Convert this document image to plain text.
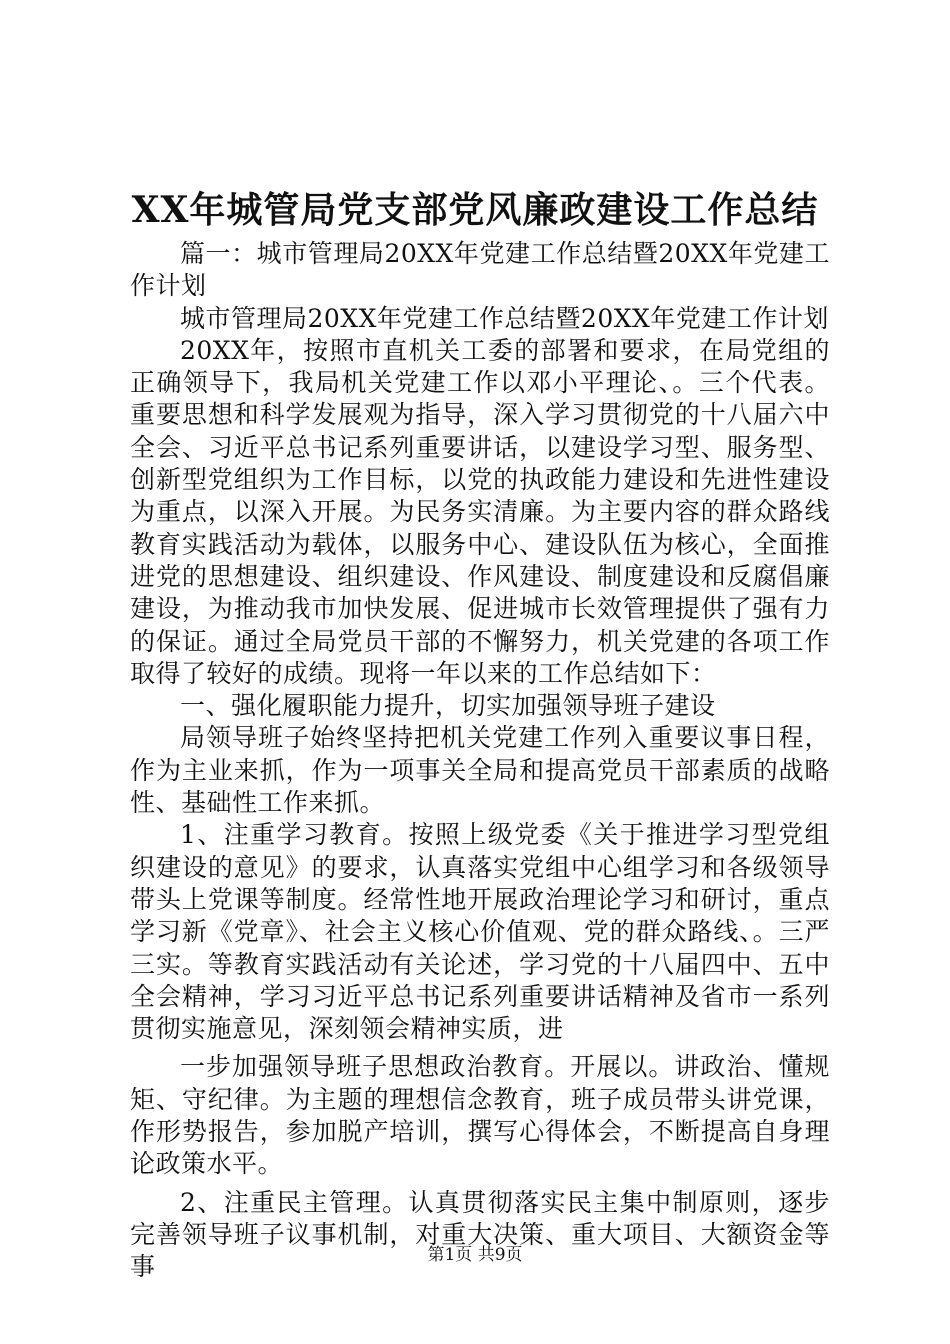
XX年城管局党支部党风廉政建设工作总结

篇一：城市管理局20XX年党建工作总结暨20XX年党建工作计划

城市管理局20XX年党建工作总结暨20XX年党建工作计划

20XX年，按照市直机关工委的部署和要求，在局党组的正确领导下，我局机关党建工作以邓小平理论、。三个代表。重要思想和科学发展观为指导，深入学习贯彻党的十八届六中全会、习近平总书记系列重要讲话，以建设学习型、服务型、创新型党组织为工作目标，以党的执政能力建设和先进性建设为重点，以深入开展。为民务实清廉。为主要内容的群众路线教育实践活动为载体，以服务中心、建设队伍为核心，全面推进党的思想建设、组织建设、作风建设、制度建设和反腐倡廉建设，为推动我市加快发展、促进城市长效管理提供了强有力的保证。通过全局党员干部的不懈努力，机关党建的各项工作取得了较好的成绩。现将一年以来的工作总结如下：

一、强化履职能力提升，切实加强领导班子建设

局领导班子始终坚持把机关党建工作列入重要议事日程，作为主业来抓，作为一项事关全局和提高党员干部素质的战略性、基础性工作来抓。

1、注重学习教育。按照上级党委《关于推进学习型党组织建设的意见》的要求，认真落实党组中心组学习和各级领导带头上党课等制度。经常性地开展政治理论学习和研讨，重点学习新《党章》、社会主义核心价值观、党的群众路线、。三严三实。等教育实践活动有关论述，学习党的十八届四中、五中全会精神，学习习近平总书记系列重要讲话精神及省市一系列贯彻实施意见，深刻领会精神实质，进

一步加强领导班子思想政治教育。开展以。讲政治、懂规矩、守纪律。为主题的理想信念教育，班子成员带头讲党课，作形势报告，参加脱产培训，撰写心得体会，不断提高自身理论政策水平。

2、注重民主管理。认真贯彻落实民主集中制原则，逐步完善领导班子议事机制，对重大决策、重大项目、大额资金等事	第1页 共9页
